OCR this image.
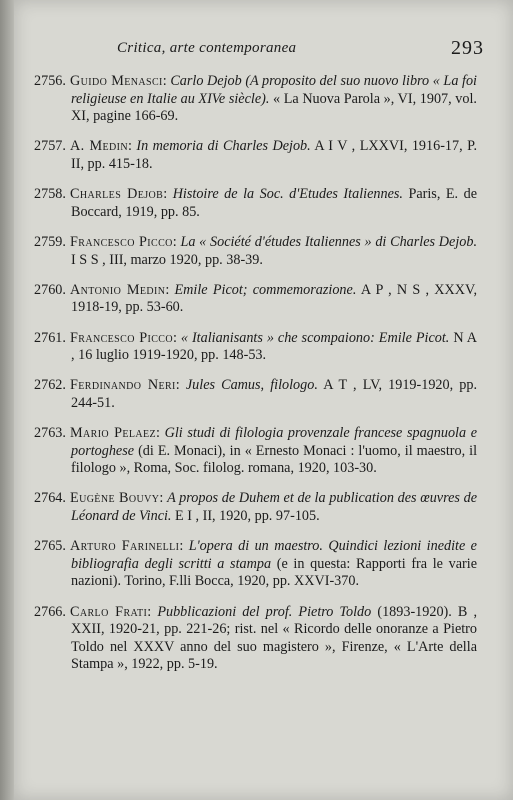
Critica, arte contemporanea	293
2756. Guido Menasci: Carlo Dejob (A proposito del suo nuovo libro « La foi religieuse en Italie au XIVe siècle). « La Nuova Parola », VI, 1907, vol. XI, pagine 166-69.
2757. A. Medin: In memoria di Charles Dejob. A I V , LXXVI, 1916-17, P. II, pp. 415-18.
2758. Charles Dejob: Histoire de la Soc. d'Etudes Italiennes. Paris, E. de Boccard, 1919, pp. 85.
2759. Francesco Picco: La « Société d'études Italiennes » di Charles Dejob. I S S , III, marzo 1920, pp. 38-39.
2760. Antonio Medin: Emile Picot; commemorazione. A P , N S , XXXV, 1918-19, pp. 53-60.
2761. Francesco Picco: « Italianisants » che scompaiono: Emile Picot. N A , 16 luglio 1919-1920, pp. 148-53.
2762. Ferdinando Neri: Jules Camus, filologo. A T , LV, 1919-1920, pp. 244-51.
2763. Mario Pelaez: Gli studi di filologia provenzale francese spagnuola e portoghese (di E. Monaci), in « Ernesto Monaci : l'uomo, il maestro, il filologo », Roma, Soc. filolog. romana, 1920, 103-30.
2764. Eugène Bouvy: A propos de Duhem et de la publication des œuvres de Léonard de Vinci. E I , II, 1920, pp. 97-105.
2765. Arturo Farinelli: L'opera di un maestro. Quindici lezioni inedite e bibliografia degli scritti a stampa (e in questa: Rapporti fra le varie nazioni). Torino, F.lli Bocca, 1920, pp. XXVI-370.
2766. Carlo Frati: Pubblicazioni del prof. Pietro Toldo (1893-1920). B , XXII, 1920-21, pp. 221-26; rist. nel « Ricordo delle onoranze a Pietro Toldo nel XXXV anno del suo magistero », Firenze, « L'Arte della Stampa », 1922, pp. 5-19.
